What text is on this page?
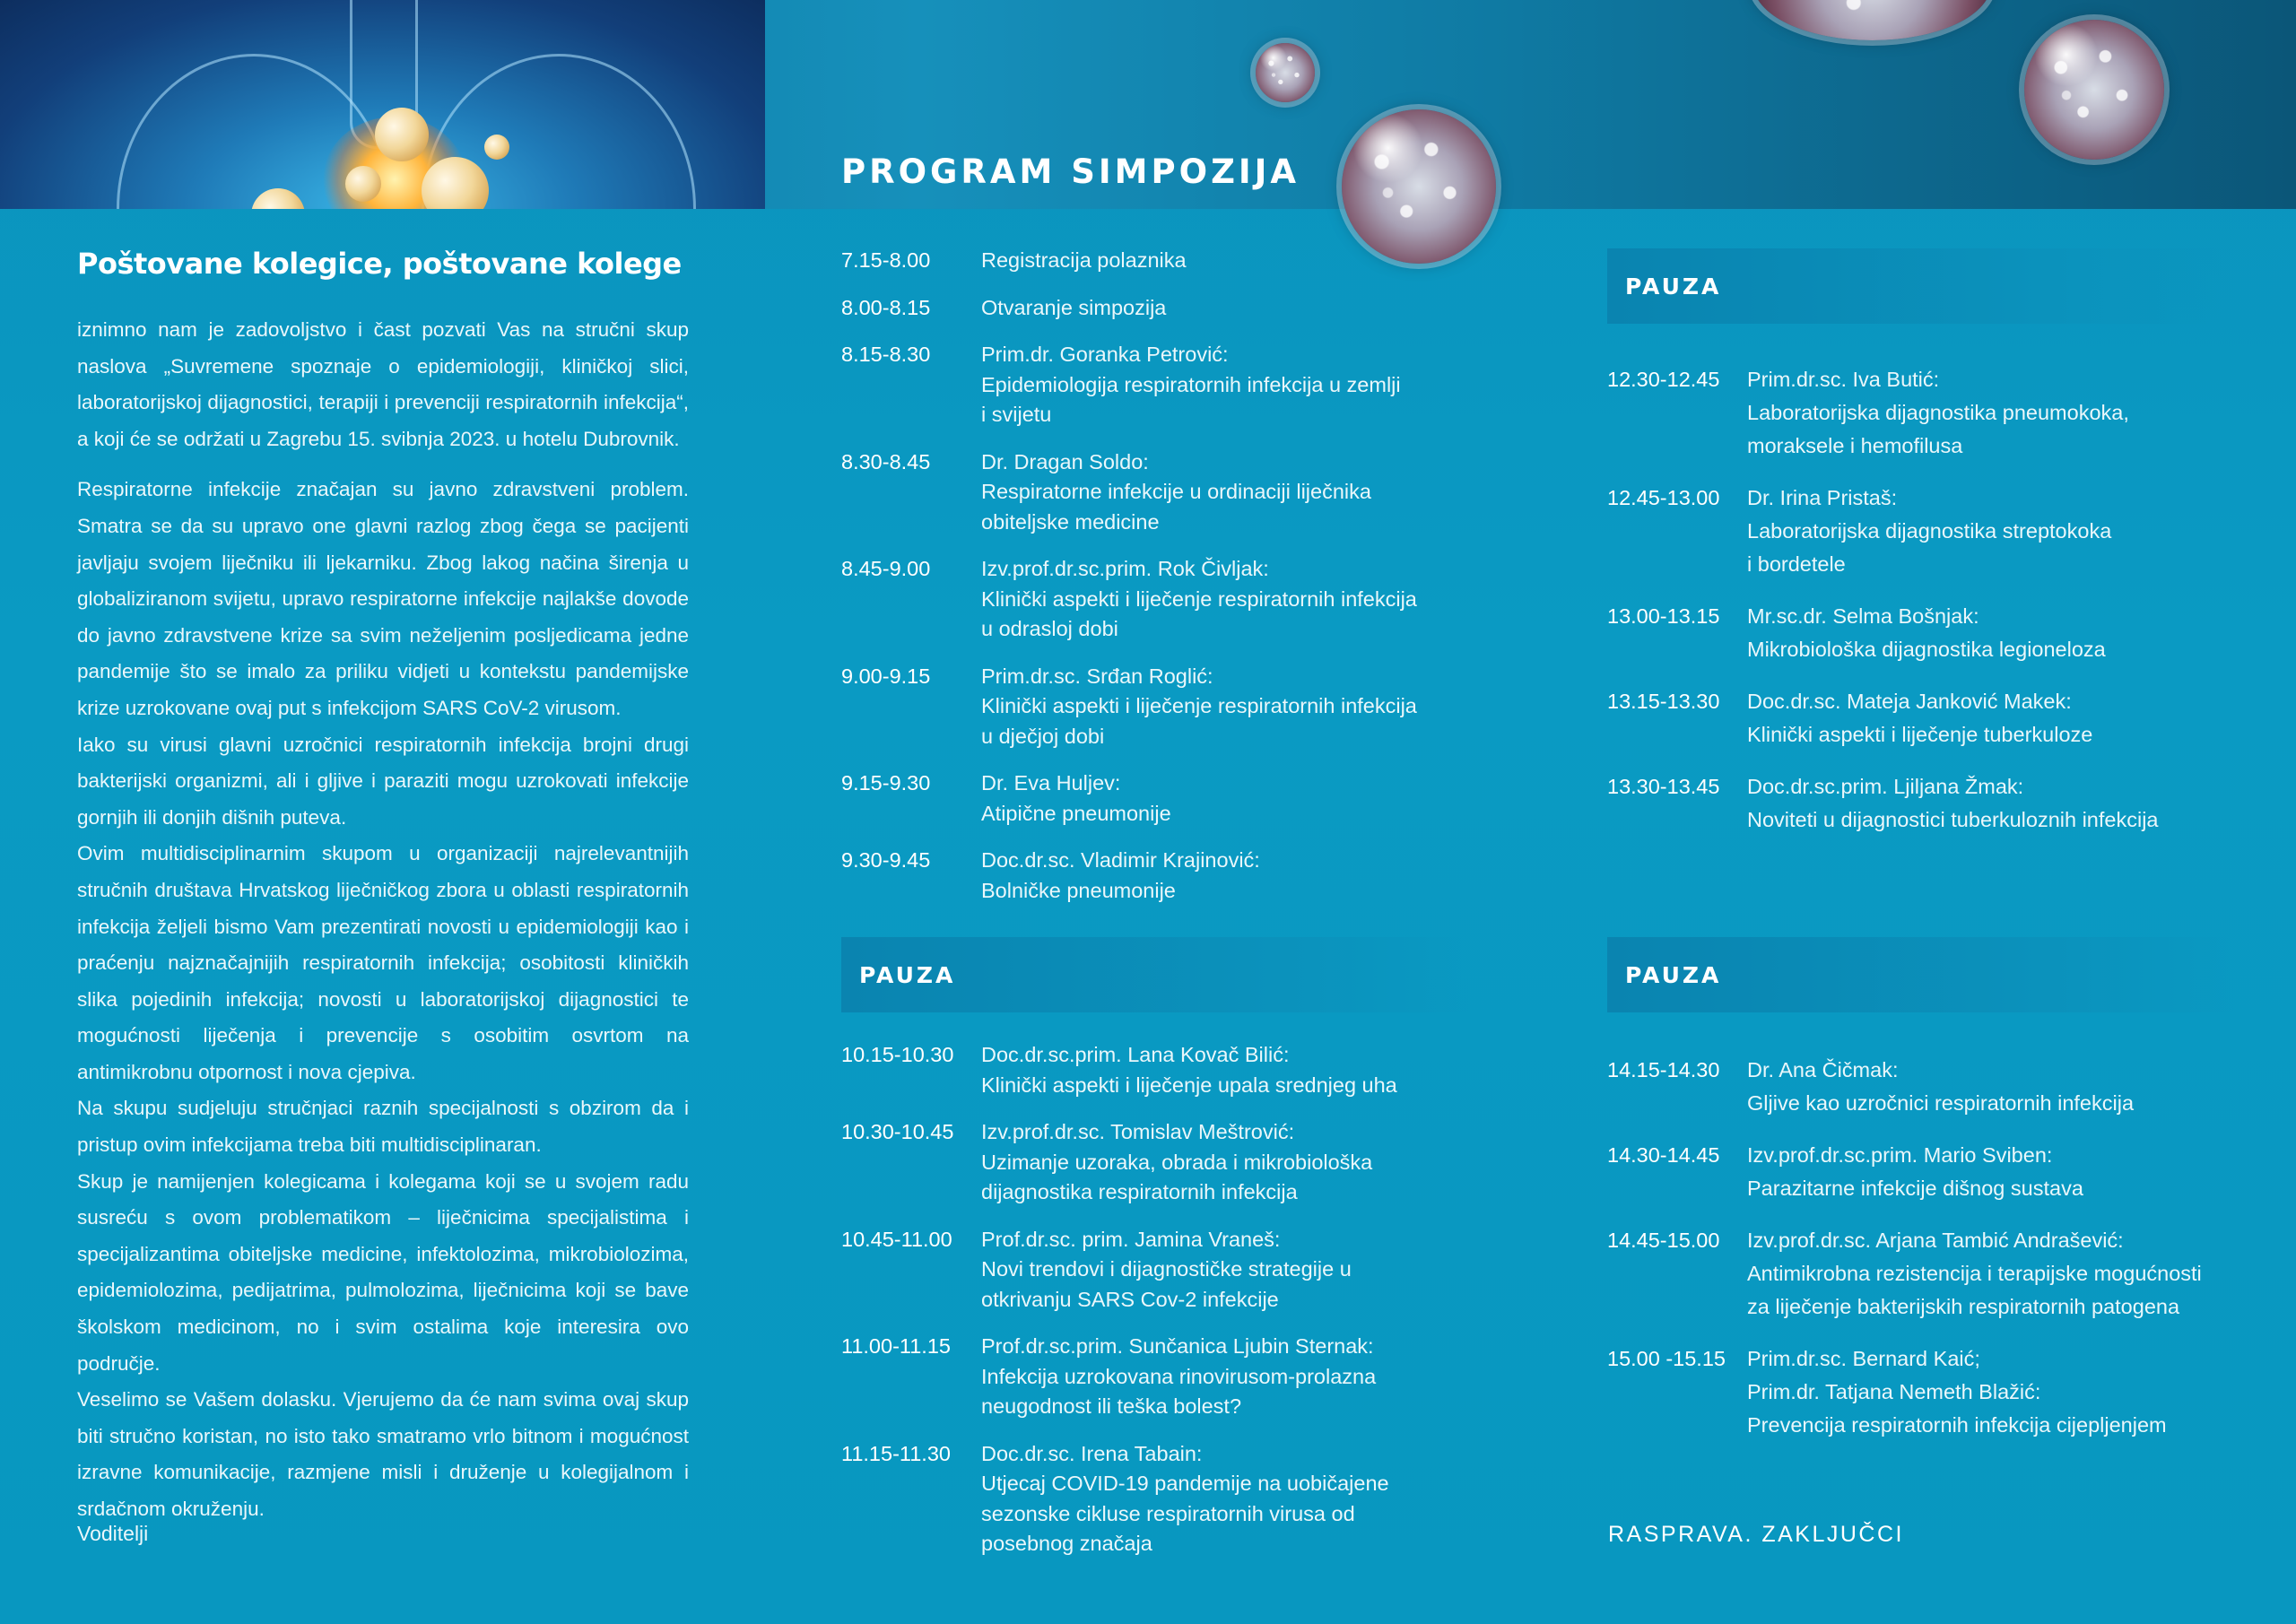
PROGRAM SIMPOZIJA
Poštovane kolegice, poštovane kolege

iznimno nam je zadovoljstvo i čast pozvati Vas na stručni skup naslova „Suvremene spoznaje o epidemiologiji, kliničkoj slici, laboratorijskoj dijagnostici, terapiji i prevenciji respiratornih infekcija“, a koji će se održati u Zagrebu 15. svibnja 2023. u hotelu Dubrovnik.

Respiratorne infekcije značajan su javno zdravstveni problem. Smatra se da su upravo one glavni razlog zbog čega se pacijenti javljaju svojem liječniku ili ljekarniku. Zbog lakog načina širenja u globaliziranom svijetu, upravo respiratorne infekcije najlakše dovode do javno zdravstvene krize sa svim neželjenim posljedicama jedne pandemije što se imalo za priliku vidjeti u kontekstu pandemijske krize uzrokovane ovaj put s infekcijom SARS CoV-2 virusom.

Iako su virusi glavni uzročnici respiratornih infekcija brojni drugi bakterijski organizmi, ali i gljive i paraziti mogu uzrokovati infekcije gornjih ili donjih dišnih puteva.

Ovim multidisciplinarnim skupom u organizaciji najrelevantnijih stručnih društava Hrvatskog liječničkog zbora u oblasti respiratornih infekcija željeli bismo Vam prezentirati novosti u epidemiologiji kao i praćenju najznačajnijih respiratornih infekcija; osobitosti kliničkih slika pojedinih infekcija; novosti u laboratorijskoj dijagnostici te mogućnosti liječenja i prevencije s osobitim osvrtom na antimikrobnu otpornost i nova cjepiva.

Na skupu sudjeluju stručnjaci raznih specijalnosti s obzirom da i pristup ovim infekcijama treba biti multidisciplinaran.

Skup je namijenjen kolegicama i kolegama koji se u svojem radu susreću s ovom problematikom – liječnicima specijalistima i specijalizantima obiteljske medicine, infektolozima, mikrobiolozima, epidemiolozima, pedijatrima, pulmolozima, liječnicima koji se bave školskom medicinom, no i svim ostalima koje interesira ovo područje.

Veselimo se Vašem dolasku. Vjerujemo da će nam svima ovaj skup biti stručno koristan, no isto tako smatramo vrlo bitnom i mogućnost izravne komunikacije, razmjene misli i druženje u kolegijalnom i srdačnom okruženju.

Voditelji
7.15-8.00	Registracija polaznika
8.00-8.15	Otvaranje simpozija
8.15-8.30	Prim.dr. Goranka Petrović:
Epidemiologija respiratornih infekcija u zemlji
i svijetu
8.30-8.45	Dr. Dragan Soldo:
Respiratorne infekcije u ordinaciji liječnika
obiteljske medicine
8.45-9.00	Izv.prof.dr.sc.prim. Rok Čivljak:
Klinički aspekti i liječenje respiratornih infekcija
u odrasloj dobi
9.00-9.15	Prim.dr.sc. Srđan Roglić:
Klinički aspekti i liječenje respiratornih infekcija
u dječjoj dobi
9.15-9.30	Dr. Eva Huljev:
Atipične pneumonije
9.30-9.45	Doc.dr.sc. Vladimir Krajinović:
Bolničke pneumonije
PAUZA
10.15-10.30	Doc.dr.sc.prim. Lana Kovač Bilić:
Klinički aspekti i liječenje upala srednjeg uha
10.30-10.45	Izv.prof.dr.sc. Tomislav Meštrović:
Uzimanje uzoraka, obrada i mikrobiološka
dijagnostika respiratornih infekcija
10.45-11.00	Prof.dr.sc. prim. Jamina Vraneš:
Novi trendovi i dijagnostičke strategije u
otkrivanju SARS Cov-2 infekcije
11.00-11.15	Prof.dr.sc.prim. Sunčanica Ljubin Sternak:
Infekcija uzrokovana rinovirusom-prolazna
neugodnost ili teška bolest?
11.15-11.30	Doc.dr.sc. Irena Tabain:
Utjecaj COVID-19 pandemije na uobičajene
sezonske cikluse respiratornih virusa od
posebnog značaja
PAUZA
12.30-12.45	Prim.dr.sc. Iva Butić:
Laboratorijska dijagnostika pneumokoka,
moraksele i hemofilusa
12.45-13.00	Dr. Irina Pristaš:
Laboratorijska dijagnostika streptokoka
i bordetele
13.00-13.15	Mr.sc.dr. Selma Bošnjak:
Mikrobiološka dijagnostika legioneloza
13.15-13.30	Doc.dr.sc. Mateja Janković Makek:
Klinički aspekti i liječenje tuberkuloze
13.30-13.45	Doc.dr.sc.prim. Ljiljana Žmak:
Noviteti u dijagnostici tuberkuloznih infekcija
PAUZA
14.15-14.30	Dr. Ana Čičmak:
Gljive kao uzročnici respiratornih infekcija
14.30-14.45	Izv.prof.dr.sc.prim. Mario Sviben:
Parazitarne infekcije dišnog sustava
14.45-15.00	Izv.prof.dr.sc. Arjana Tambić Andrašević:
Antimikrobna rezistencija i terapijske mogućnosti
za liječenje bakterijskih respiratornih patogena
15.00 -15.15	Prim.dr.sc. Bernard Kaić;
Prim.dr. Tatjana Nemeth Blažić:
Prevencija respiratornih infekcija cijepljenjem
RASPRAVA. ZAKLJUČCI
